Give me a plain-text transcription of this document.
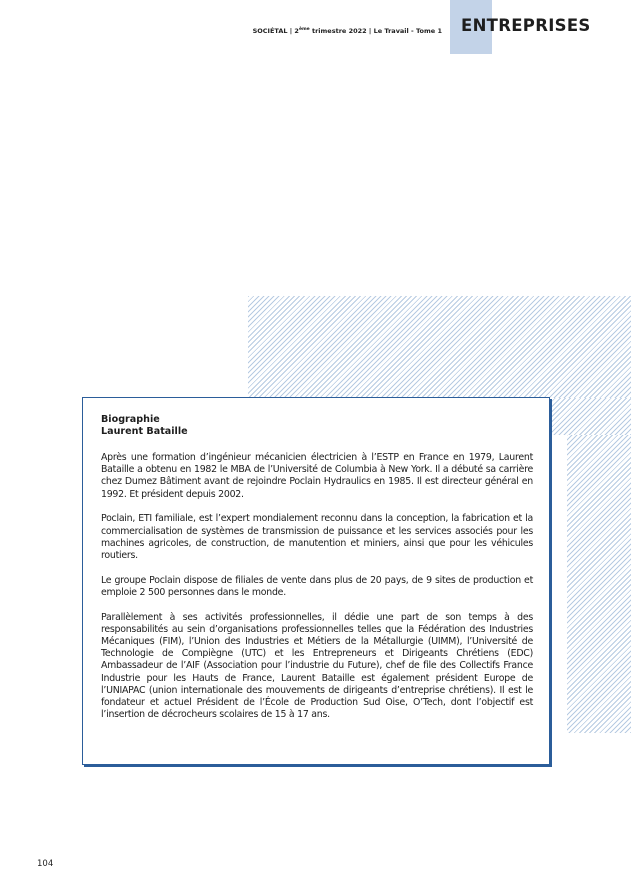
SOCIÉTAL | 2ème trimestre 2022 | Le Travail - Tome 1 ENTREPRISES
Biographie
Laurent Bataille

Après une formation d’ingénieur mécanicien électricien à l’ESTP en France en 1979, Laurent Bataille a obtenu en 1982 le MBA de l’Université de Columbia à New York. Il a débuté sa carrière chez Dumez Bâtiment avant de rejoindre Poclain Hydraulics en 1985. Il est directeur général en 1992. Et président depuis 2002.

Poclain, ETI familiale, est l’expert mondialement reconnu dans la conception, la fabrication et la commercialisation de systèmes de transmission de puissance et les services associés pour les machines agricoles, de construction, de manutention et miniers, ainsi que pour les véhicules routiers.

Le groupe Poclain dispose de filiales de vente dans plus de 20 pays, de 9 sites de production et emploie 2 500 personnes dans le monde.

Parallèlement à ses activités professionnelles, il dédie une part de son temps à des responsabilités au sein d’organisations professionnelles telles que la Fédération des Industries Mécaniques (FIM), l’Union des Industries et Métiers de la Métallurgie (UIMM), l’Université de Technologie de Compiègne (UTC) et les Entrepreneurs et Dirigeants Chrétiens (EDC) Ambassadeur de l’AIF (Association pour l’industrie du Future), chef de file des Collectifs France Industrie pour les Hauts de France, Laurent Bataille est également président Europe de l’UNIAPAC (union internationale des mouvements de dirigeants d’entreprise chrétiens). Il est le fondateur et actuel Président de l’École de Production Sud Oise, O’Tech, dont l’objectif est l’insertion de décrocheurs scolaires de 15 à 17 ans.

104
